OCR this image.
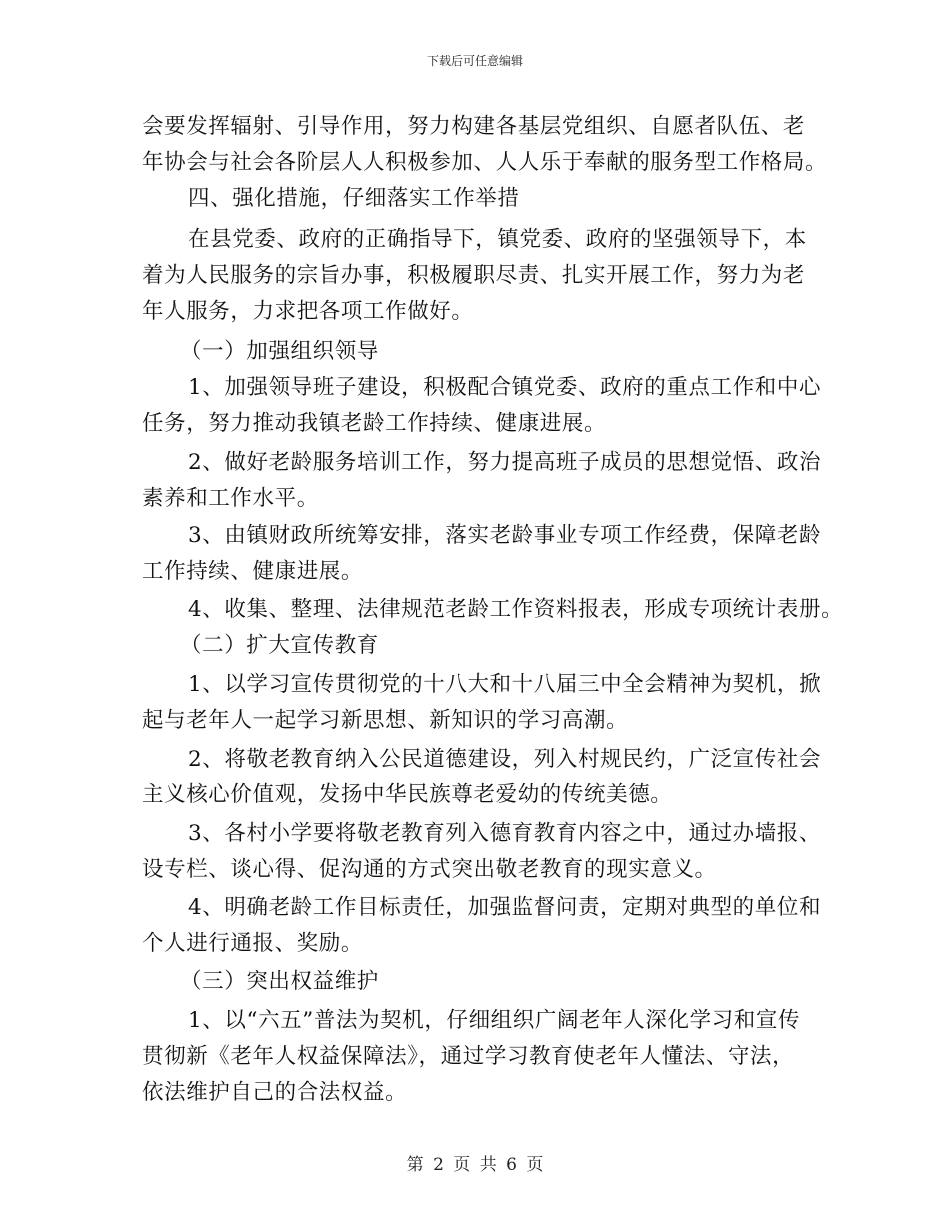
下载后可任意编辑
会要发挥辐射、引导作用，努力构建各基层党组织、自愿者队伍、老
年协会与社会各阶层人人积极参加、人人乐于奉献的服务型工作格局。
四、强化措施，仔细落实工作举措
在县党委、政府的正确指导下，镇党委、政府的坚强领导下，本
着为人民服务的宗旨办事，积极履职尽责、扎实开展工作，努力为老
年人服务，力求把各项工作做好。
（一）加强组织领导
1、加强领导班子建设，积极配合镇党委、政府的重点工作和中心
任务，努力推动我镇老龄工作持续、健康进展。
2、做好老龄服务培训工作，努力提高班子成员的思想觉悟、政治
素养和工作水平。
3、由镇财政所统筹安排，落实老龄事业专项工作经费，保障老龄
工作持续、健康进展。
4、收集、整理、法律规范老龄工作资料报表，形成专项统计表册。
（二）扩大宣传教育
1、以学习宣传贯彻党的十八大和十八届三中全会精神为契机，掀
起与老年人一起学习新思想、新知识的学习高潮。
2、将敬老教育纳入公民道德建设，列入村规民约，广泛宣传社会
主义核心价值观，发扬中华民族尊老爱幼的传统美德。
3、各村小学要将敬老教育列入德育教育内容之中，通过办墙报、
设专栏、谈心得、促沟通的方式突出敬老教育的现实意义。
4、明确老龄工作目标责任，加强监督问责，定期对典型的单位和
个人进行通报、奖励。
（三）突出权益维护
1、以“六五”普法为契机，仔细组织广阔老年人深化学习和宣传
贯彻新《老年人权益保障法》，通过学习教育使老年人懂法、守法，
依法维护自己的合法权益。
第 2 页 共 6 页
